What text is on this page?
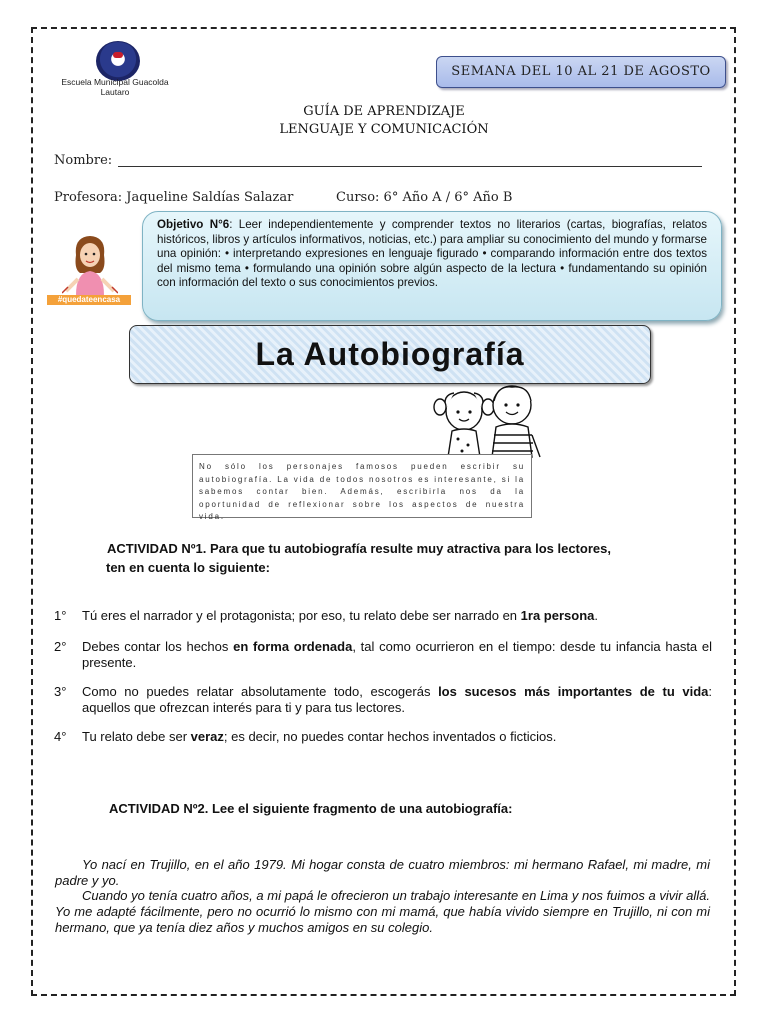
Escuela Municipal Guacolda
Lautaro
SEMANA DEL 10 AL 21 DE AGOSTO
GUÍA DE APRENDIZAJE
LENGUAJE Y COMUNICACIÓN
Nombre:
Profesora: Jaqueline Saldías Salazar	Curso: 6° Año A / 6° Año B
#quedateencasa
Objetivo N°6: Leer independientemente y comprender textos no literarios (cartas, biografías, relatos históricos, libros y artículos informativos, noticias, etc.) para ampliar su conocimiento del mundo y formarse una opinión: • interpretando expresiones en lenguaje figurado • comparando información entre dos textos del mismo tema • formulando una opinión sobre algún aspecto de la lectura • fundamentando su opinión con información del texto o sus conocimientos previos.
La Autobiografía
No sólo los personajes famosos pueden escribir su autobiografía. La vida de todos nosotros es interesante, si la sabemos contar bien. Además, escribirla nos da la oportunidad de reflexionar sobre los aspectos de nuestra vida.
ACTIVIDAD Nº1. Para que tu autobiografía resulte muy atractiva para los lectores,
ten en cuenta lo siguiente:
1° Tú eres el narrador y el protagonista; por eso, tu relato debe ser narrado en 1ra persona.
2° Debes contar los hechos en forma ordenada, tal como ocurrieron en el tiempo: desde tu infancia hasta el presente.
3° Como no puedes relatar absolutamente todo, escogerás los sucesos más importantes de tu vida: aquellos que ofrezcan interés para ti y para tus lectores.
4° Tu relato debe ser veraz; es decir, no puedes contar hechos inventados o ficticios.
ACTIVIDAD Nº2. Lee el siguiente fragmento de una autobiografía:

Yo nací en Trujillo, en el año 1979. Mi hogar consta de cuatro miembros: mi hermano Rafael, mi madre, mi padre y yo.

Cuando yo tenía cuatro años, a mi papá le ofrecieron un trabajo interesante en Lima y nos fuimos a vivir allá. Yo me adapté fácilmente, pero no ocurrió lo mismo con mi mamá, que había vivido siempre en Trujillo, ni con mi hermano, que ya tenía diez años y muchos amigos en su colegio.
